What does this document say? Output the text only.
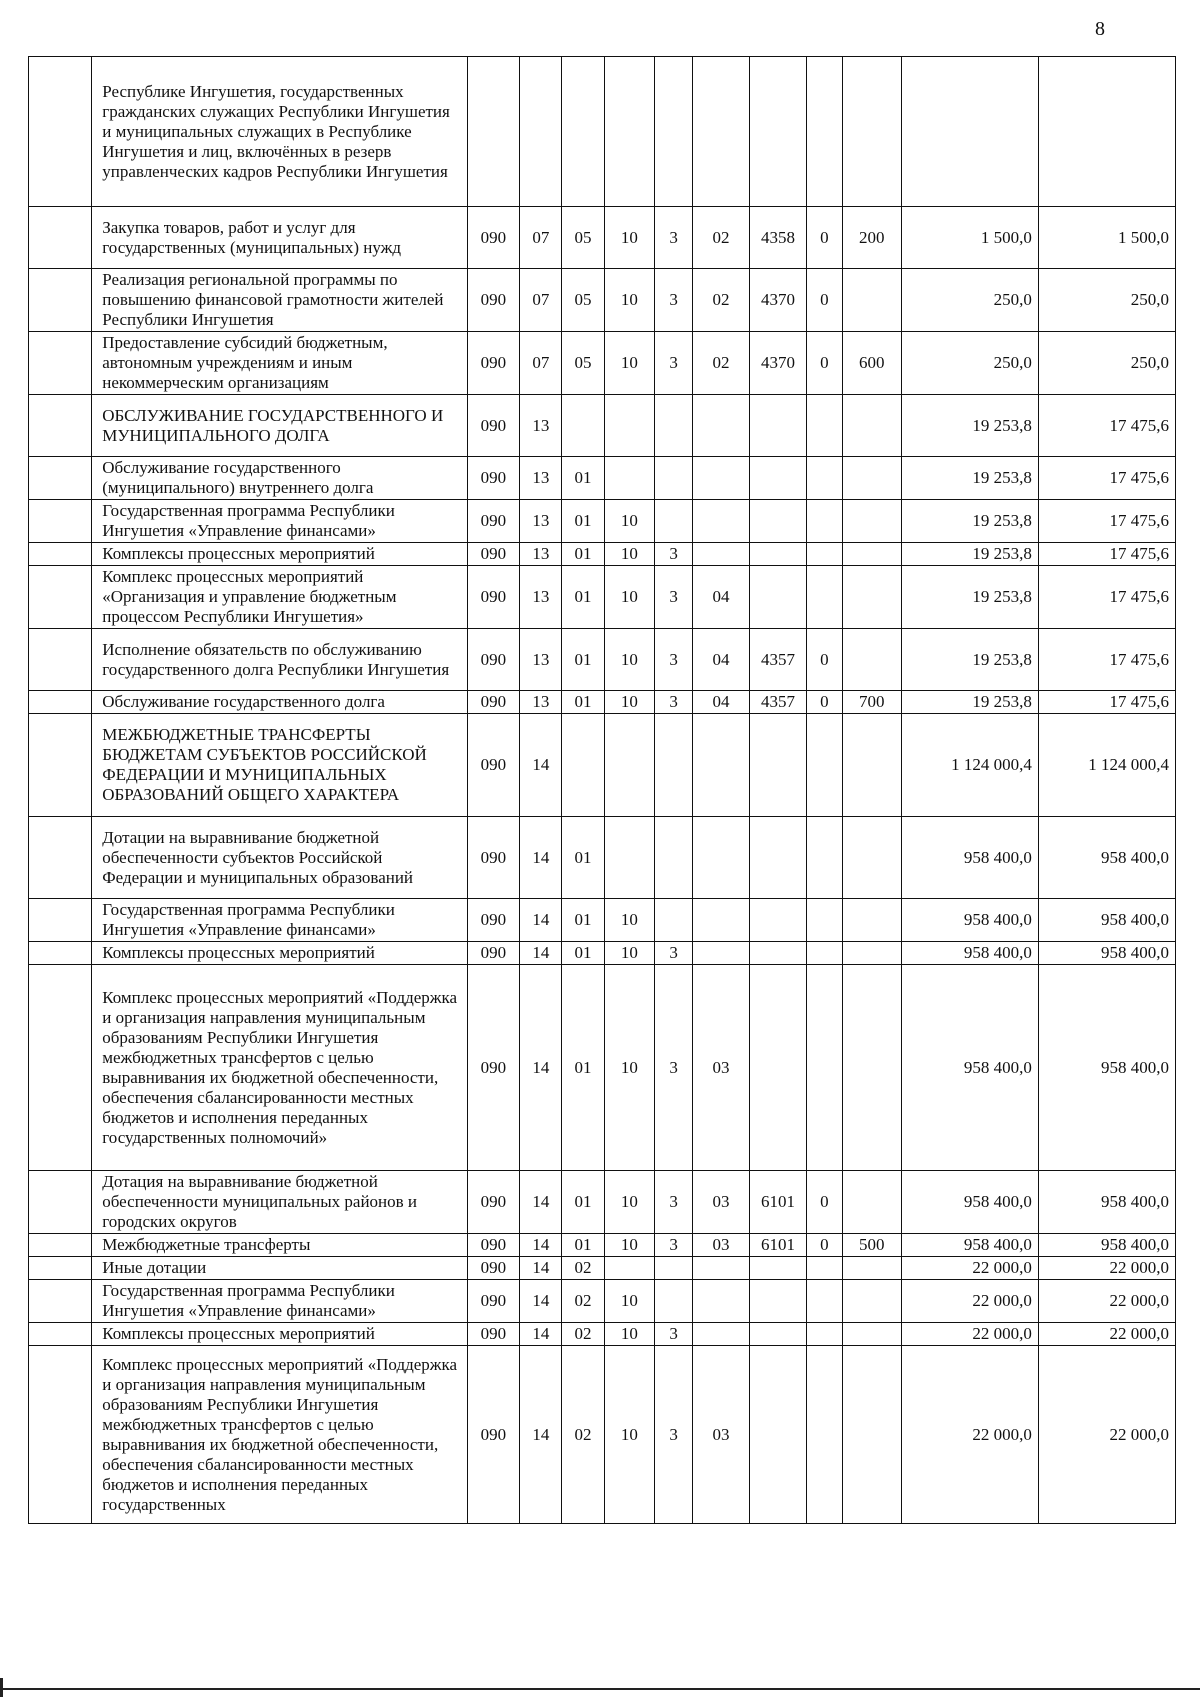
8
	Республике Ингушетия, государственных гражданских служащих Республики Ингушетия и муниципальных служащих в Республике Ингушетия и лиц, включённых в резерв управленческих кадров Республики Ингушетия											
	Закупка товаров, работ и услуг для государственных (муниципальных) нужд	090	07	05	10	3	02	4358	0	200	1 500,0	1 500,0
	Реализация региональной программы по повышению финансовой грамотности жителей Республики Ингушетия	090	07	05	10	3	02	4370	0		250,0	250,0
	Предоставление субсидий бюджетным, автономным учреждениям и иным некоммерческим организациям	090	07	05	10	3	02	4370	0	600	250,0	250,0
	ОБСЛУЖИВАНИЕ ГОСУДАРСТВЕННОГО И МУНИЦИПАЛЬНОГО ДОЛГА	090	13								19 253,8	17 475,6
	Обслуживание государственного (муниципального) внутреннего долга	090	13	01							19 253,8	17 475,6
	Государственная программа Республики Ингушетия «Управление финансами»	090	13	01	10						19 253,8	17 475,6
	Комплексы процессных мероприятий	090	13	01	10	3					19 253,8	17 475,6
	Комплекс процессных мероприятий «Организация и управление бюджетным процессом Республики Ингушетия»	090	13	01	10	3	04				19 253,8	17 475,6
	Исполнение обязательств по обслуживанию государственного долга Республики Ингушетия	090	13	01	10	3	04	4357	0		19 253,8	17 475,6
	Обслуживание государственного долга	090	13	01	10	3	04	4357	0	700	19 253,8	17 475,6
	МЕЖБЮДЖЕТНЫЕ ТРАНСФЕРТЫ БЮДЖЕТАМ СУБЪЕКТОВ РОССИЙСКОЙ ФЕДЕРАЦИИ И МУНИЦИПАЛЬНЫХ ОБРАЗОВАНИЙ ОБЩЕГО ХАРАКТЕРА	090	14								1 124 000,4	1 124 000,4
	Дотации на выравнивание бюджетной обеспеченности субъектов Российской Федерации и муниципальных образований	090	14	01							958 400,0	958 400,0
	Государственная программа Республики Ингушетия «Управление финансами»	090	14	01	10						958 400,0	958 400,0
	Комплексы процессных мероприятий	090	14	01	10	3					958 400,0	958 400,0
	Комплекс процессных мероприятий «Поддержка и организация направления муниципальным образованиям Республики Ингушетия межбюджетных трансфертов с целью выравнивания их бюджетной обеспеченности, обеспечения сбалансированности местных бюджетов и исполнения переданных государственных полномочий»	090	14	01	10	3	03				958 400,0	958 400,0
	Дотация на выравнивание бюджетной обеспеченности муниципальных районов и городских округов	090	14	01	10	3	03	6101	0		958 400,0	958 400,0
	Межбюджетные трансферты	090	14	01	10	3	03	6101	0	500	958 400,0	958 400,0
	Иные дотации	090	14	02							22 000,0	22 000,0
	Государственная программа Республики Ингушетия «Управление финансами»	090	14	02	10						22 000,0	22 000,0
	Комплексы процессных мероприятий	090	14	02	10	3					22 000,0	22 000,0
	Комплекс процессных мероприятий «Поддержка и организация направления муниципальным образованиям Республики Ингушетия межбюджетных трансфертов с целью выравнивания их бюджетной обеспеченности, обеспечения сбалансированности местных бюджетов и исполнения переданных государственных	090	14	02	10	3	03				22 000,0	22 000,0
